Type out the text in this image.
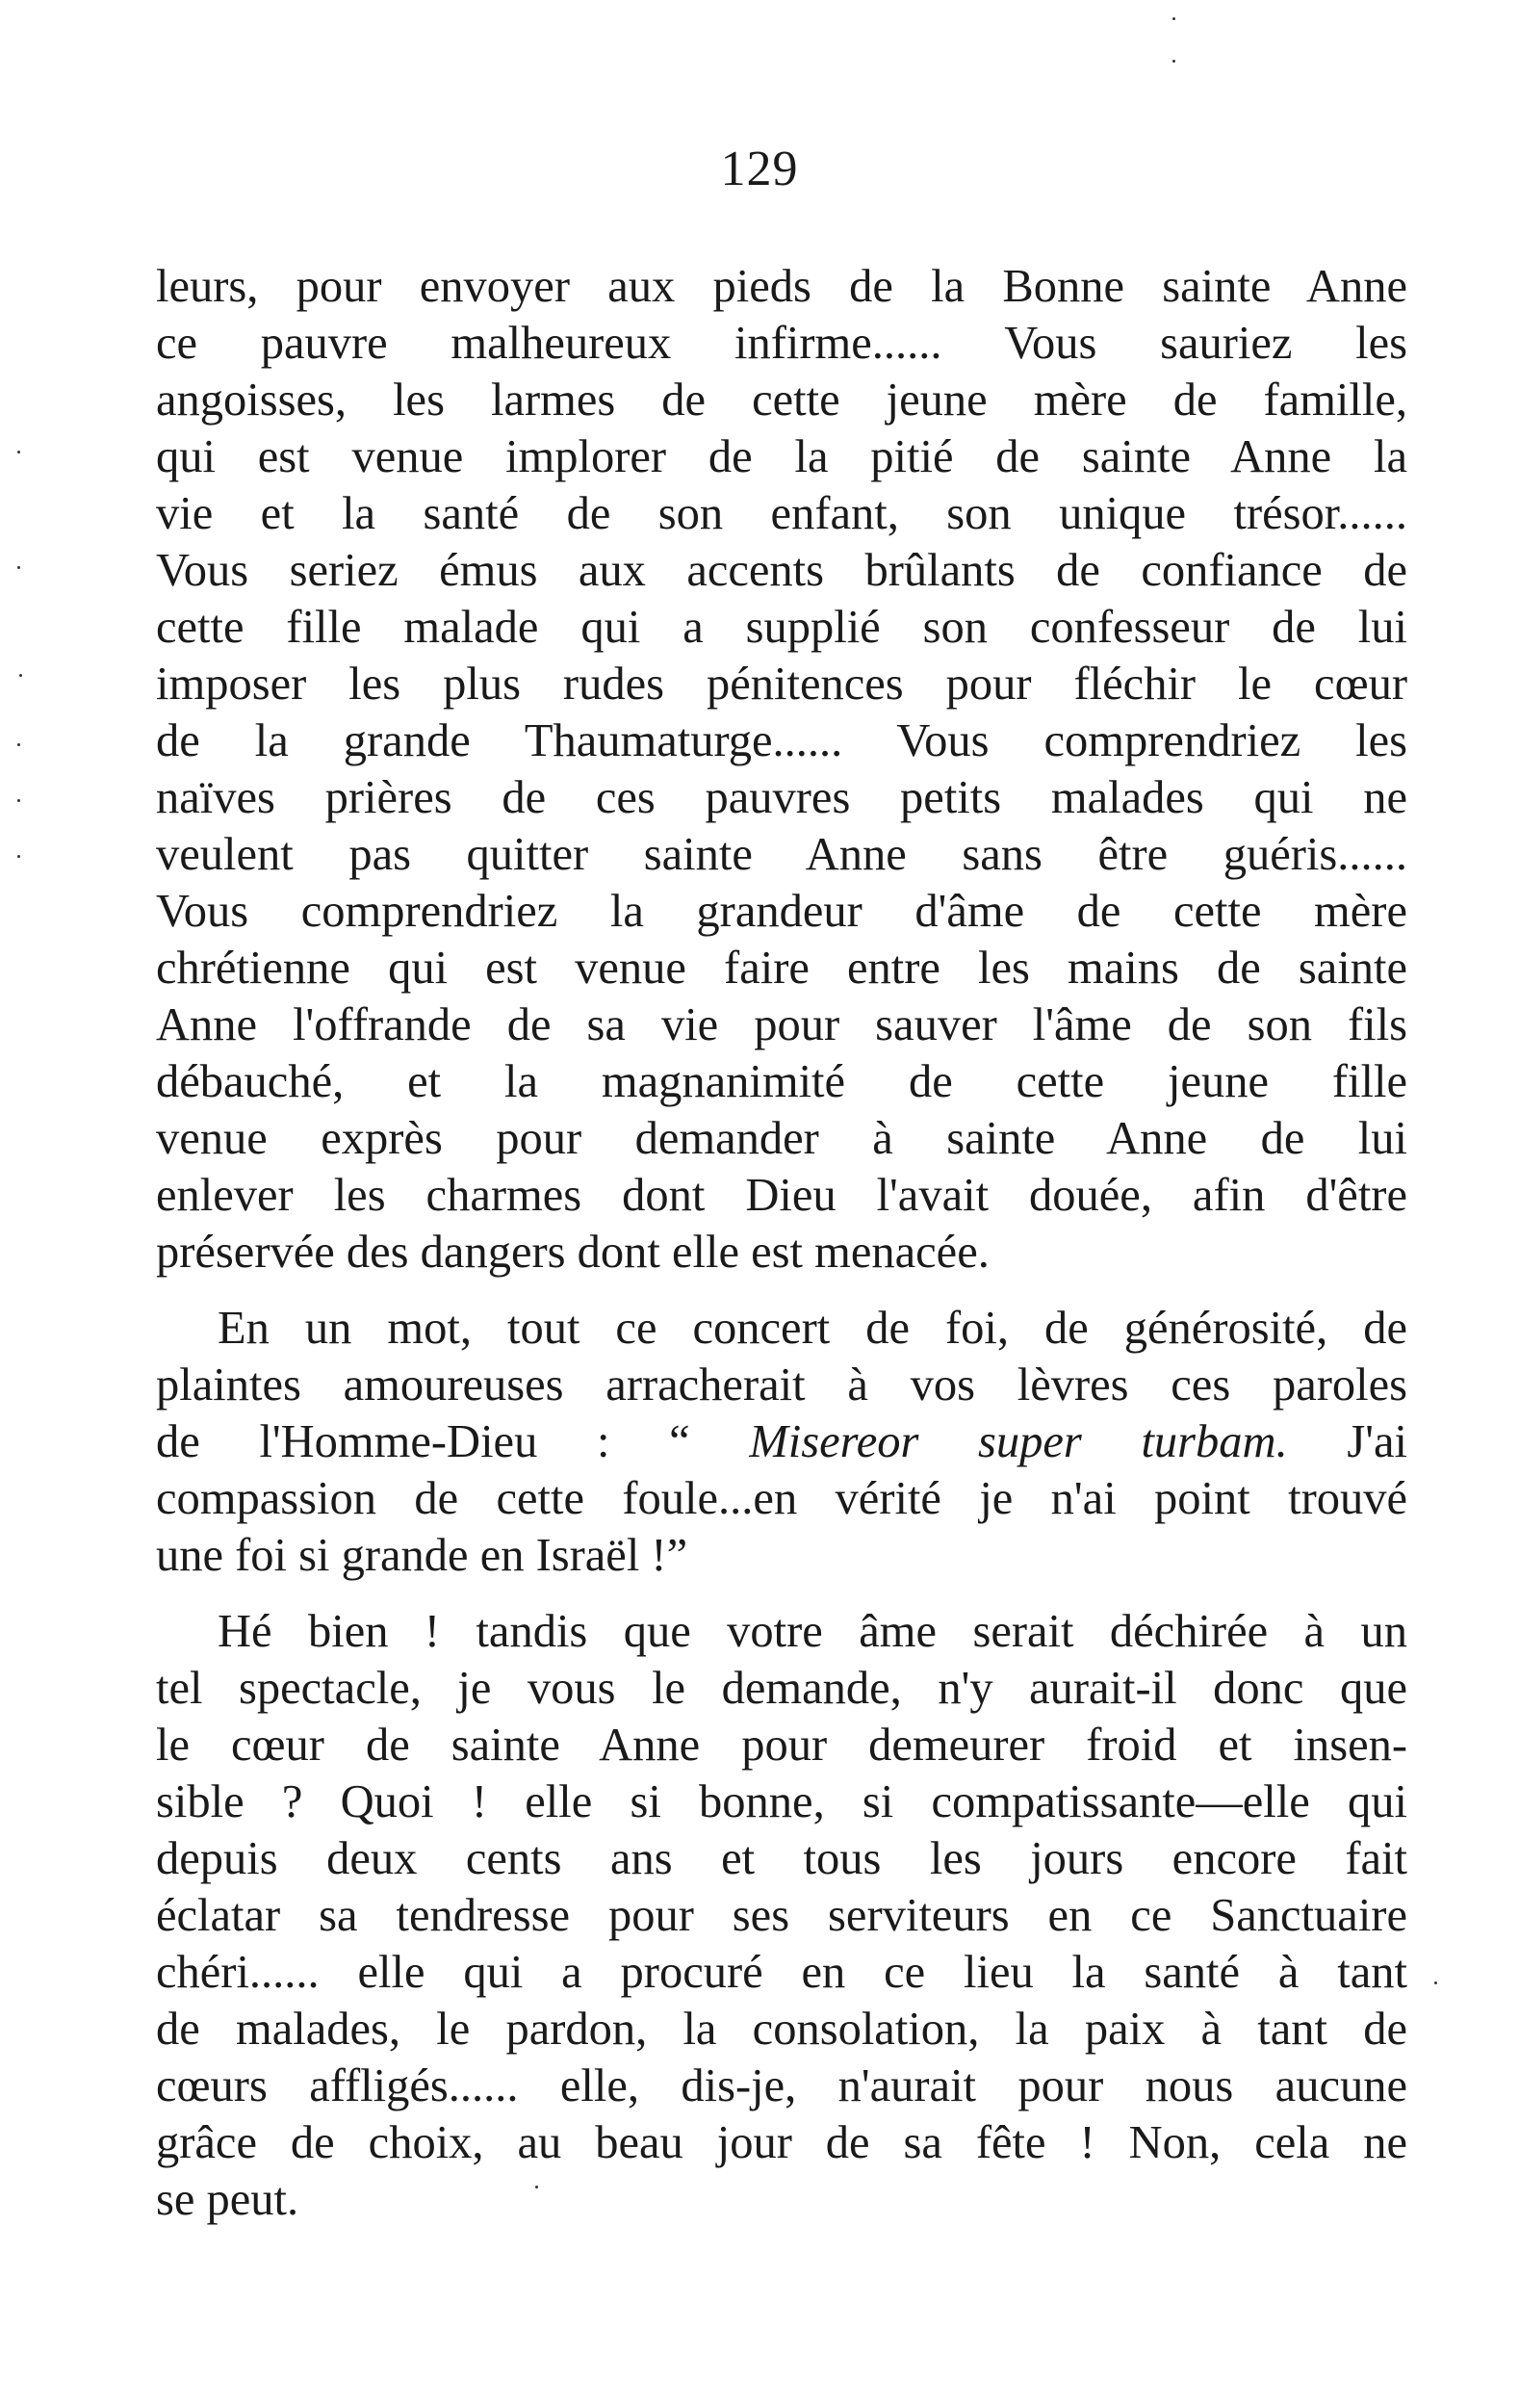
129
leurs, pour envoyer aux pieds de la Bonne sainte Anne
ce pauvre malheureux infirme...... Vous sauriez les
angoisses, les larmes de cette jeune mère de famille,
qui est venue implorer de la pitié de sainte Anne la
vie et la santé de son enfant, son unique trésor......
Vous seriez émus aux accents brûlants de confiance de
cette fille malade qui a supplié son confesseur de lui
imposer les plus rudes pénitences pour fléchir le cœur
de la grande Thaumaturge...... Vous comprendriez les
naïves prières de ces pauvres petits malades qui ne
veulent pas quitter sainte Anne sans être guéris......
Vous comprendriez la grandeur d'âme de cette mère
chrétienne qui est venue faire entre les mains de sainte
Anne l'offrande de sa vie pour sauver l'âme de son fils
débauché, et la magnanimité de cette jeune fille
venue exprès pour demander à sainte Anne de lui
enlever les charmes dont Dieu l'avait douée, afin d'être
préservée des dangers dont elle est menacée.
En un mot, tout ce concert de foi, de générosité, de
plaintes amoureuses arracherait à vos lèvres ces paroles
de l'Homme-Dieu : “ Misereor super turbam. J'ai
compassion de cette foule...en vérité je n'ai point trouvé
une foi si grande en Israël !”
Hé bien ! tandis que votre âme serait déchirée à un
tel spectacle, je vous le demande, n'y aurait-il donc que
le cœur de sainte Anne pour demeurer froid et insen-
sible ? Quoi ! elle si bonne, si compatissante—elle qui
depuis deux cents ans et tous les jours encore fait
éclatar sa tendresse pour ses serviteurs en ce Sanctuaire
chéri...... elle qui a procuré en ce lieu la santé à tant
de malades, le pardon, la consolation, la paix à tant de
cœurs affligés...... elle, dis-je, n'aurait pour nous aucune
grâce de choix, au beau jour de sa fête ! Non, cela ne
se peut.
